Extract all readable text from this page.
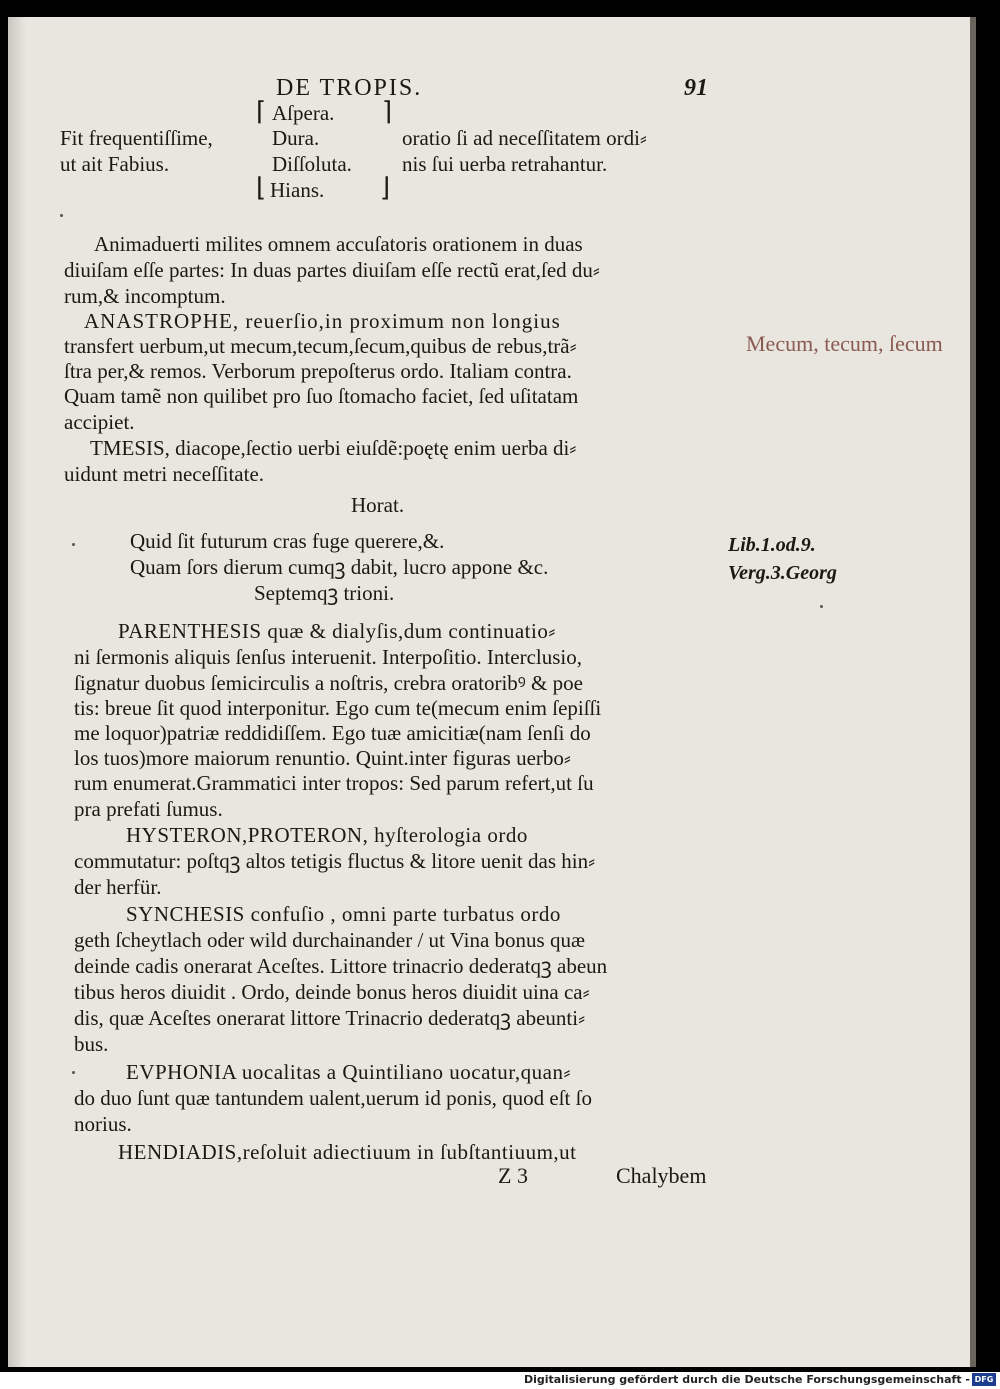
DE TROPIS.	91
⌈	⌉
Aſpera.
Fit frequentiſſime,	Dura.	oratio ſi ad neceſſitatem ordi⸗
ut ait Fabius.	Diſſoluta. nis ſui uerba retrahantur.
⌊ Hians. ⌋
Animaduerti milites omnem accuſatoris orationem in duas
diuiſam eſſe partes: In duas partes diuiſam eſſe rectũ erat,ſed du⸗
rum,& incomptum.
ANASTROPHE, reuerſio,in proximum non longius
transfert uerbum,ut mecum,tecum,ſecum,quibus de rebus,trã⸗
ſtra per,& remos. Verborum prepoſterus ordo. Italiam contra.
Quam tamẽ non quilibet pro ſuo ſtomacho faciet, ſed uſitatam
accipiet.
TMESIS, diacope,ſectio uerbi eiuſdẽ:poętę enim uerba di⸗
uidunt metri neceſſitate.
Horat.
Quid ſit futurum cras fuge querere,&.
Quam ſors dierum cumqꝫ dabit, lucro appone &c.
Septemqꝫ trioni.
PARENTHESIS quæ & dialyſis,dum continuatio⸗
ni ſermonis aliquis ſenſus interuenit. Interpoſitio. Interclusio,
ſignatur duobus ſemicirculis a noſtris, crebra oratoribꝰ & poe
tis: breue ſit quod interponitur. Ego cum te(mecum enim ſepiſſi
me loquor)patriæ reddidiſſem. Ego tuæ amicitiæ(nam ſenſi do
los tuos)more maiorum renuntio. Quint.inter figuras uerbo⸗
rum enumerat.Grammatici inter tropos: Sed parum refert,ut ſu
pra prefati ſumus.
HYSTERON,PROTERON, hyſterologia ordo
commutatur: poſtqꝫ altos tetigis fluctus & litore uenit das hin⸗
der herfür.
SYNCHESIS confuſio , omni parte turbatus ordo
geth ſcheytlach oder wild durchainander / ut Vina bonus quæ
deinde cadis onerarat Aceſtes. Littore trinacrio dederatqꝫ abeun
tibus heros diuidit . Ordo, deinde bonus heros diuidit uina ca⸗
dis, quæ Aceſtes onerarat littore Trinacrio dederatqꝫ abeunti⸗
bus.
EVPHONIA uocalitas a Quintiliano uocatur,quan⸗
do duo ſunt quæ tantundem ualent,uerum id ponis, quod eſt ſo
norius.
HENDIADIS,reſoluit adiectiuum in ſubſtantiuum,ut
Z 3	Chalybem
Mecum, tecum, ſecum
Lib.1.od.9.
Verg.3.Georg
Digitalisierung gefördert durch die Deutsche Forschungsgemeinschaft - DFG
